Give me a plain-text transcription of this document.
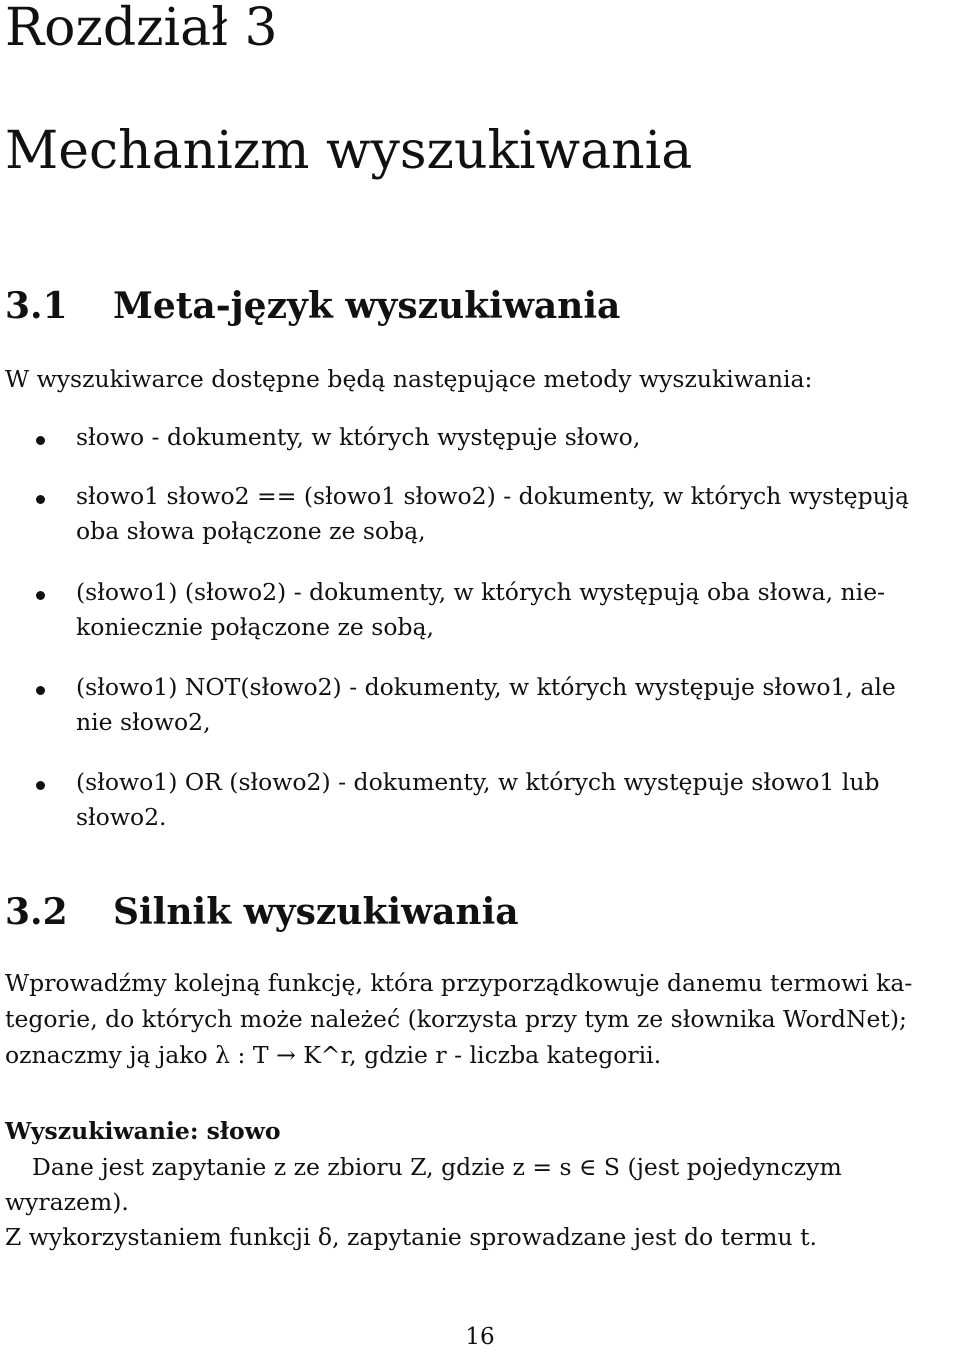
Rozdział 3
Mechanizm wyszukiwania
3.1 Meta-język wyszukiwania
W wyszukiwarce dostępne będą następujące metody wyszukiwania:
słowo - dokumenty, w których występuje słowo,
słowo1 słowo2 == (słowo1 słowo2) - dokumenty, w których występują
oba słowa połączone ze sobą,
(słowo1) (słowo2) - dokumenty, w których występują oba słowa, nie-
koniecznie połączone ze sobą,
(słowo1) NOT(słowo2) - dokumenty, w których występuje słowo1, ale
nie słowo2,
(słowo1) OR (słowo2) - dokumenty, w których występuje słowo1 lub
słowo2.
3.2 Silnik wyszukiwania
Wprowadźmy kolejną funkcję, która przyporządkowuje danemu termowi ka-
tegorie, do których może należeć (korzysta przy tym ze słownika WordNet);
oznaczmy ją jako λ : T → K^r, gdzie r - liczba kategorii.
Wyszukiwanie: słowo
Dane jest zapytanie z ze zbioru Z, gdzie z = s ∈ S (jest pojedynczym
wyrazem).
Z wykorzystaniem funkcji δ, zapytanie sprowadzane jest do termu t.
16
